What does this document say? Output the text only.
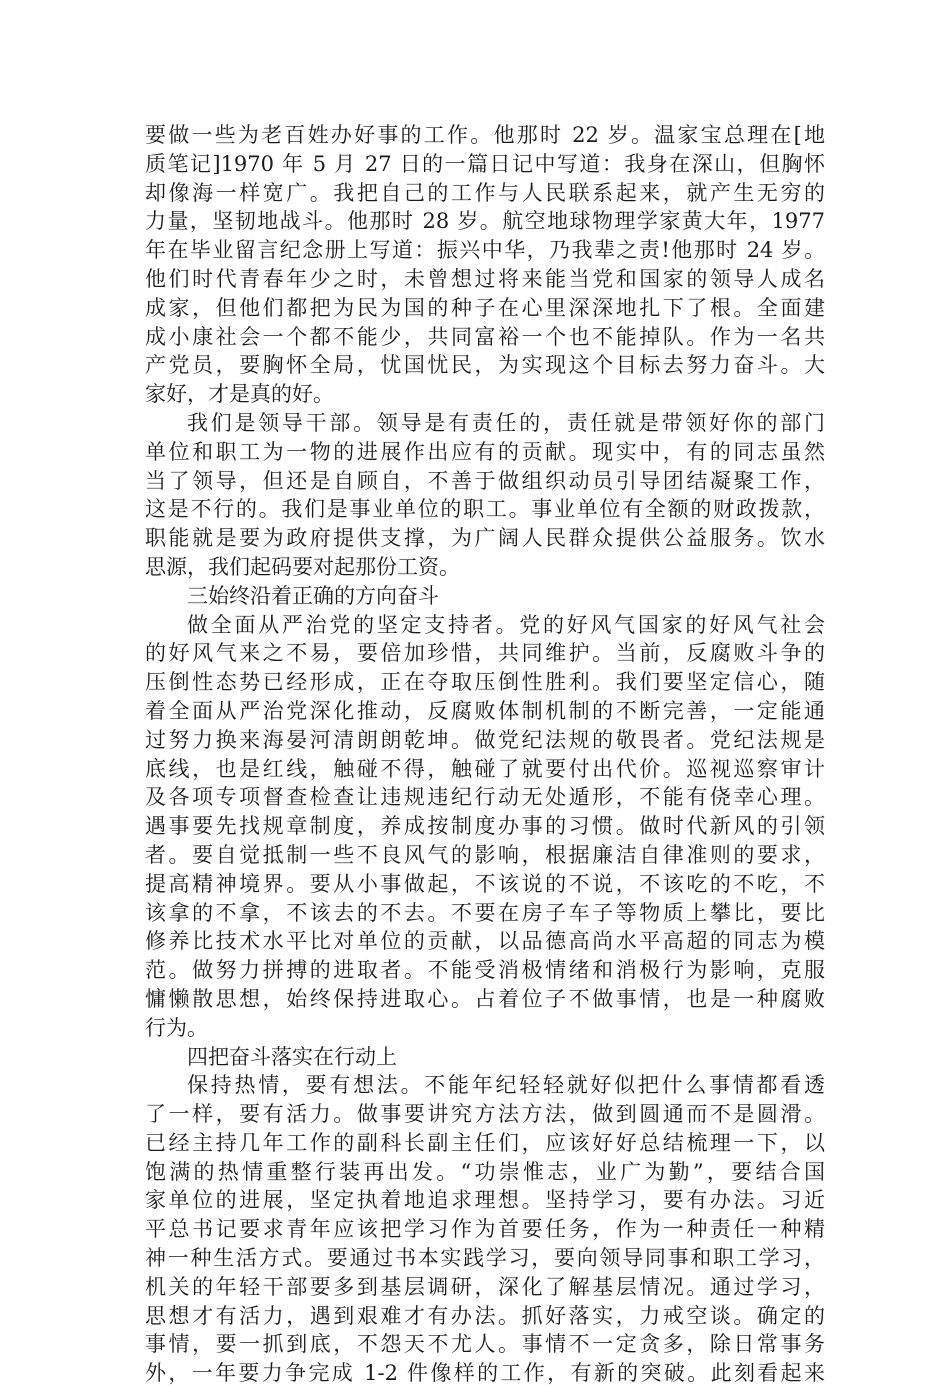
要做一些为老百姓办好事的工作。他那时 22 岁。温家宝总理在[地
质笔记]1970 年 5 月 27 日的一篇日记中写道：我身在深山，但胸怀
却像海一样宽广。我把自己的工作与人民联系起来，就产生无穷的
力量，坚韧地战斗。他那时 28 岁。航空地球物理学家黄大年，1977
年在毕业留言纪念册上写道：振兴中华，乃我辈之责!他那时 24 岁。
他们时代青春年少之时，未曾想过将来能当党和国家的领导人成名
成家，但他们都把为民为国的种子在心里深深地扎下了根。全面建
成小康社会一个都不能少，共同富裕一个也不能掉队。作为一名共
产党员，要胸怀全局，忧国忧民，为实现这个目标去努力奋斗。大
家好，才是真的好。
我们是领导干部。领导是有责任的，责任就是带领好你的部门
单位和职工为一物的进展作出应有的贡献。现实中，有的同志虽然
当了领导，但还是自顾自，不善于做组织动员引导团结凝聚工作，
这是不行的。我们是事业单位的职工。事业单位有全额的财政拨款，
职能就是要为政府提供支撑，为广阔人民群众提供公益服务。饮水
思源，我们起码要对起那份工资。
三始终沿着正确的方向奋斗
做全面从严治党的坚定支持者。党的好风气国家的好风气社会
的好风气来之不易，要倍加珍惜，共同维护。当前，反腐败斗争的
压倒性态势已经形成，正在夺取压倒性胜利。我们要坚定信心，随
着全面从严治党深化推动，反腐败体制机制的不断完善，一定能通
过努力换来海晏河清朗朗乾坤。做党纪法规的敬畏者。党纪法规是
底线，也是红线，触碰不得，触碰了就要付出代价。巡视巡察审计
及各项专项督查检查让违规违纪行动无处遁形，不能有侥幸心理。
遇事要先找规章制度，养成按制度办事的习惯。做时代新风的引领
者。要自觉抵制一些不良风气的影响，根据廉洁自律准则的要求，
提高精神境界。要从小事做起，不该说的不说，不该吃的不吃，不
该拿的不拿，不该去的不去。不要在房子车子等物质上攀比，要比
修养比技术水平比对单位的贡献，以品德高尚水平高超的同志为模
范。做努力拼搏的进取者。不能受消极情绪和消极行为影响，克服
慵懒散思想，始终保持进取心。占着位子不做事情，也是一种腐败
行为。
四把奋斗落实在行动上
保持热情，要有想法。不能年纪轻轻就好似把什么事情都看透
了一样，要有活力。做事要讲究方法方法，做到圆通而不是圆滑。
已经主持几年工作的副科长副主任们，应该好好总结梳理一下，以
饱满的热情重整行装再出发。“功崇惟志，业广为勤”，要结合国
家单位的进展，坚定执着地追求理想。坚持学习，要有办法。习近
平总书记要求青年应该把学习作为首要任务，作为一种责任一种精
神一种生活方式。要通过书本实践学习，要向领导同事和职工学习，
机关的年轻干部要多到基层调研，深化了解基层情况。通过学习，
思想才有活力，遇到艰难才有办法。抓好落实，力戒空谈。确定的
事情，要一抓到底，不怨天不尤人。事情不一定贪多，除日常事务
外，一年要力争完成 1-2 件像样的工作，有新的突破。此刻看起来
